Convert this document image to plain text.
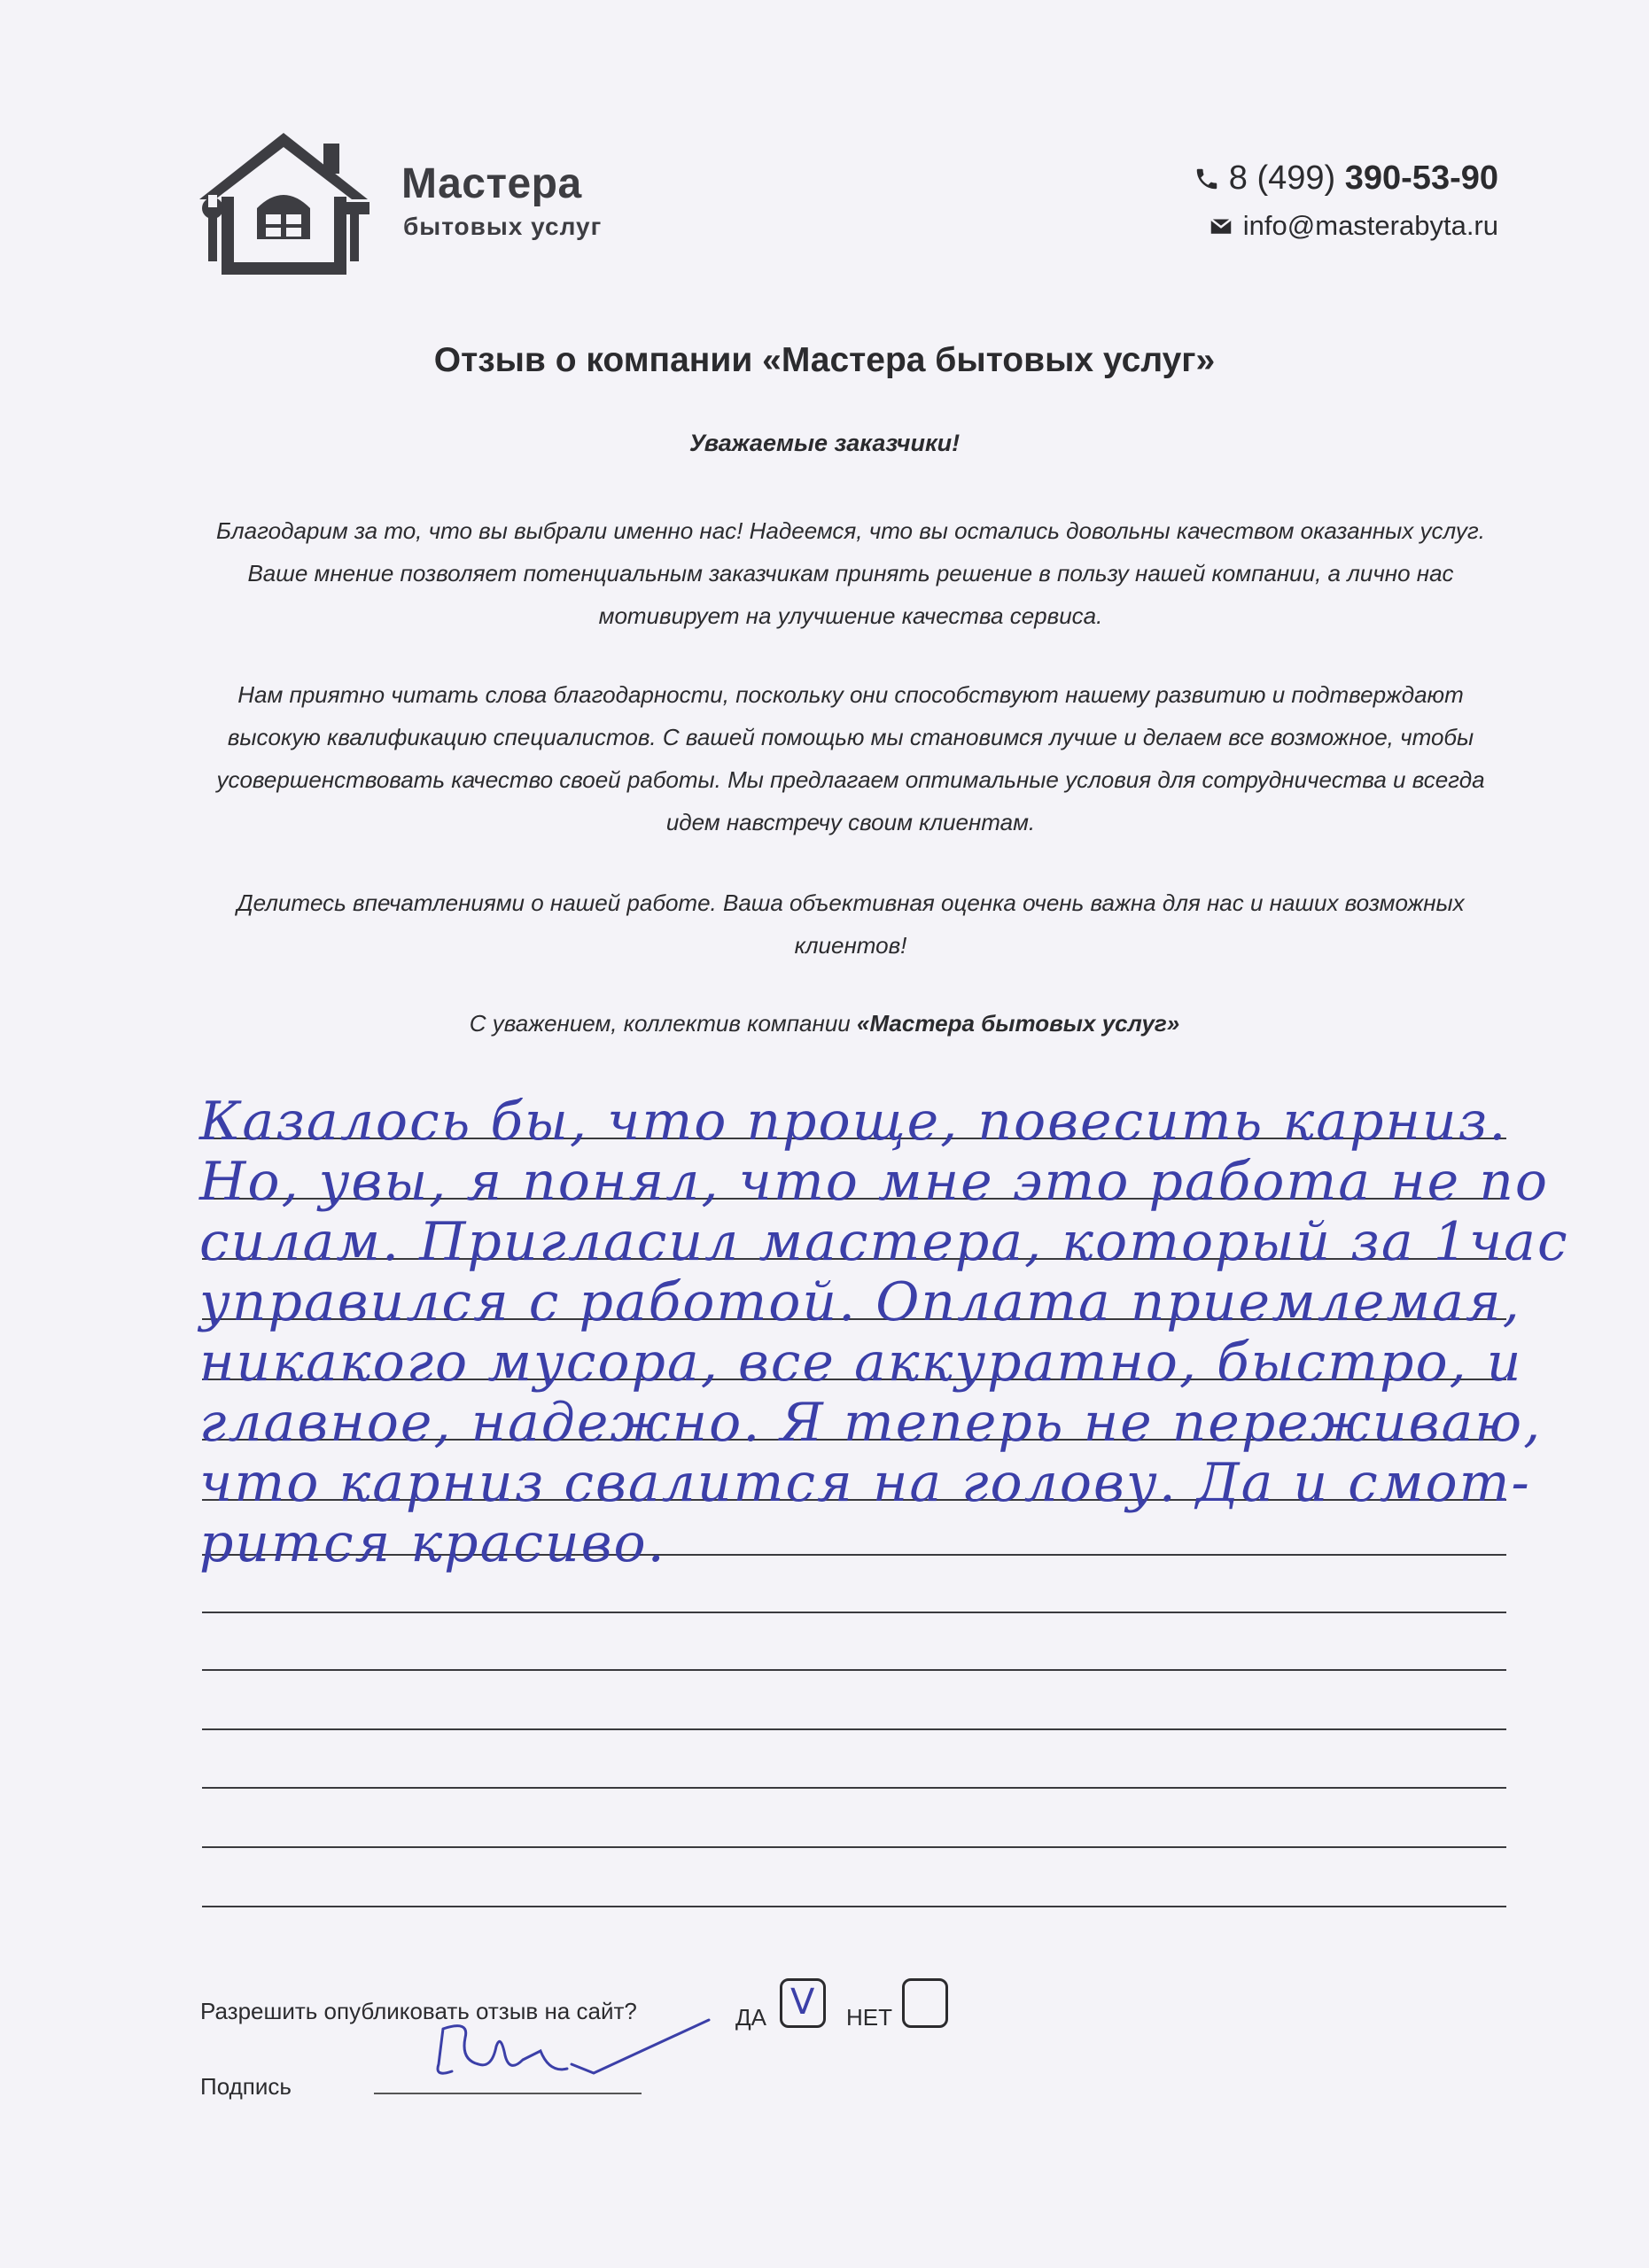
Мастера
бытовых услуг
8 (499) 390-53-90
info@masterabyta.ru
Отзыв о компании «Мастера бытовых услуг»
Уважаемые заказчики!
Благодарим за то, что вы выбрали именно нас! Надеемся, что вы остались довольны качеством оказанных услуг. Ваше мнение позволяет потенциальным заказчикам принять решение в пользу нашей компании, а лично нас мотивирует на улучшение качества сервиса.
Нам приятно читать слова благодарности, поскольку они способствуют нашему развитию и подтверждают высокую квалификацию специалистов. С вашей помощью мы становимся лучше и делаем все возможное, чтобы усовершенствовать качество своей работы. Мы предлагаем оптимальные условия для сотрудничества и всегда идем навстречу своим клиентам.
Делитесь впечатлениями о нашей работе. Ваша объективная оценка очень важна для нас и наших возможных клиентов!
С уважением, коллектив компании «Мастера бытовых услуг»
Казалось бы, что проще, повесить карниз.
Но, увы, я понял, что мне это работа не по
силам. Пригласил мастера, который за 1час
управился с работой. Оплата приемлемая,
никакого мусора, все аккуратно, быстро, и
главное, надежно. Я теперь не переживаю,
что карниз свалится на голову. Да и смот-
рится красиво.
Разрешить опубликовать отзыв на сайт?	ДА V НЕТ
Подпись
